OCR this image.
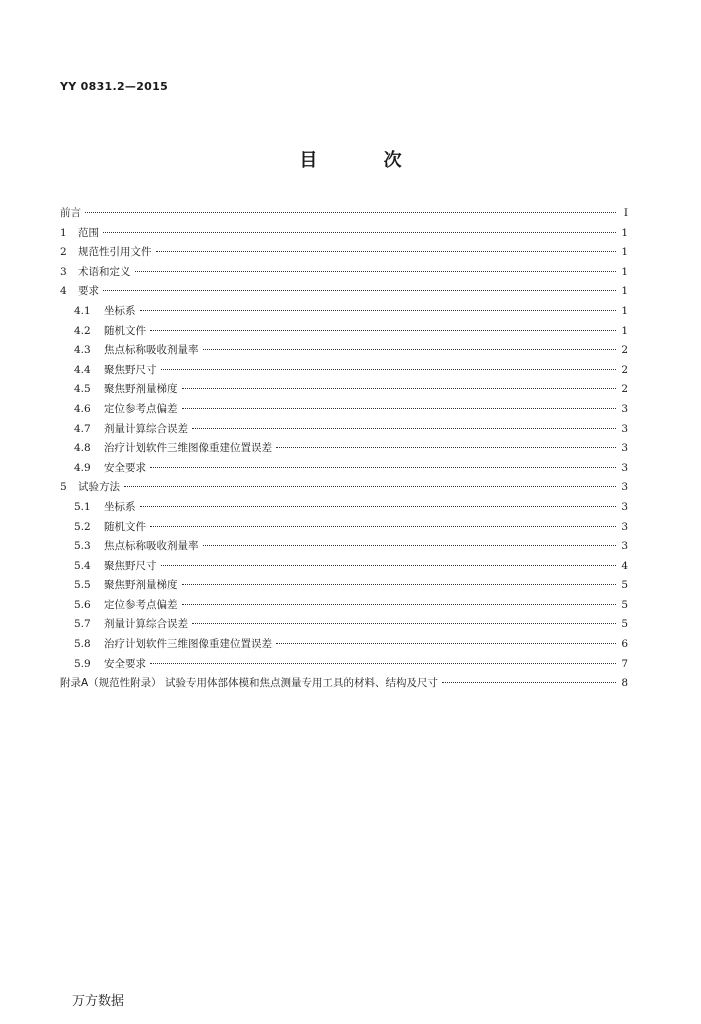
YY 0831.2—2015
目 次
前言	I
1	范围	1
2	规范性引用文件	1
3	术语和定义	1
4	要求	1
4.1	坐标系	1
4.2	随机文件	1
4.3	焦点标称吸收剂量率	2
4.4	聚焦野尺寸	2
4.5	聚焦野剂量梯度	2
4.6	定位参考点偏差	3
4.7	剂量计算综合误差	3
4.8	治疗计划软件三维图像重建位置误差	3
4.9	安全要求	3
5	试验方法	3
5.1	坐标系	3
5.2	随机文件	3
5.3	焦点标称吸收剂量率	3
5.4	聚焦野尺寸	4
5.5	聚焦野剂量梯度	5
5.6	定位参考点偏差	5
5.7	剂量计算综合误差	5
5.8	治疗计划软件三维图像重建位置误差	6
5.9	安全要求	7
附录A（规范性附录） 试验专用体部体模和焦点测量专用工具的材料、结构及尺寸	8
万方数据
